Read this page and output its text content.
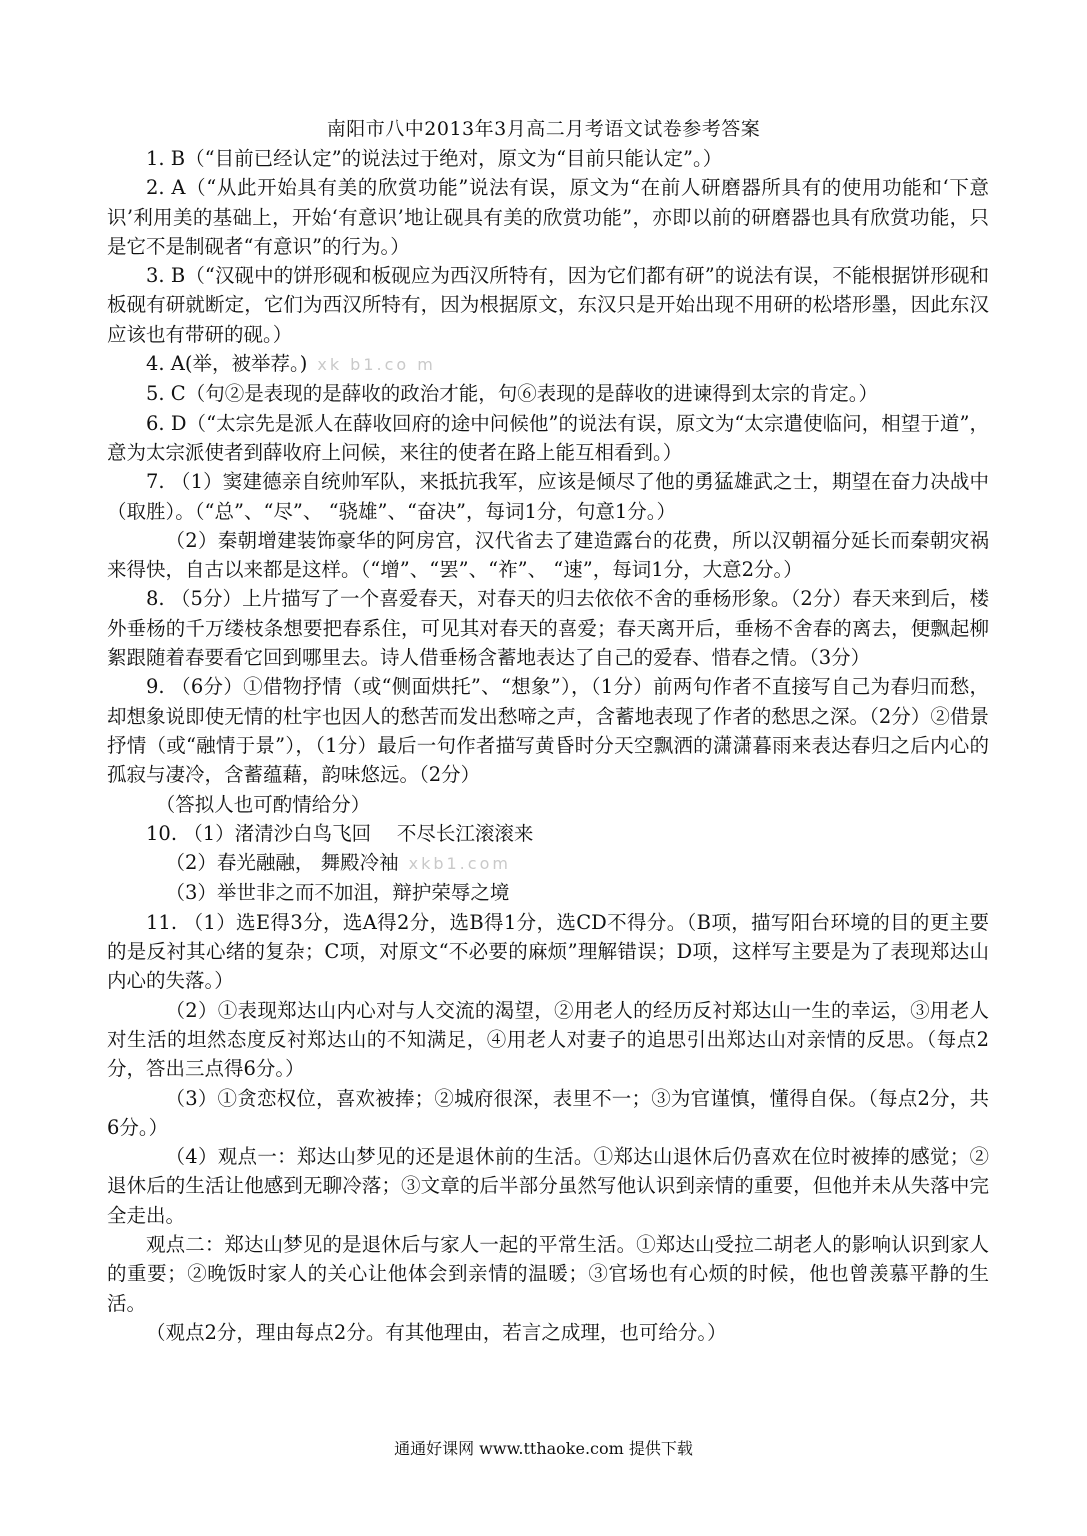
南阳市八中2013年3月高二月考语文试卷参考答案

1. B（“目前已经认定”的说法过于绝对，原文为“目前只能认定”。）

2. A（“从此开始具有美的欣赏功能”说法有误，原文为“在前人研磨器所具有的使用功能和‘下意识’利用美的基础上，开始‘有意识’地让砚具有美的欣赏功能”，亦即以前的研磨器也具有欣赏功能，只是它不是制砚者“有意识”的行为。）

3. B（“汉砚中的饼形砚和板砚应为西汉所特有，因为它们都有研”的说法有误，不能根据饼形砚和板砚有研就断定，它们为西汉所特有，因为根据原文，东汉只是开始出现不用研的松塔形墨，因此东汉应该也有带研的砚。）

4. A(举，被举荐。) xk b1.co m

5. C（句②是表现的是薛收的政治才能，句⑥表现的是薛收的进谏得到太宗的肯定。）

6. D（“太宗先是派人在薛收回府的途中问候他”的说法有误，原文为“太宗遣使临问，相望于道”，意为太宗派使者到薛收府上问候，来往的使者在路上能互相看到。）

7. （1）窦建德亲自统帅军队，来抵抗我军，应该是倾尽了他的勇猛雄武之士，期望在奋力决战中（取胜）。（“总”、“尽”、 “骁雄”、“奋决”，每词1分，句意1分。）

（2）秦朝增建装饰豪华的阿房宫，汉代省去了建造露台的花费，所以汉朝福分延长而秦朝灾祸来得快，自古以来都是这样。（“增”、“罢”、“祚”、 “速”，每词1分，大意2分。）

8. （5分）上片描写了一个喜爱春天，对春天的归去依依不舍的垂杨形象。（2分）春天来到后，楼外垂杨的千万缕枝条想要把春系住，可见其对春天的喜爱；春天离开后，垂杨不舍春的离去，便飘起柳絮跟随着春要看它回到哪里去。诗人借垂杨含蓄地表达了自己的爱春、惜春之情。（3分）

9. （6分）①借物抒情（或“侧面烘托”、“想象”），（1分）前两句作者不直接写自己为春归而愁，却想象说即使无情的杜宇也因人的愁苦而发出愁啼之声，含蓄地表现了作者的愁思之深。（2分）②借景抒情（或“融情于景”），（1分）最后一句作者描写黄昏时分天空飘洒的潇潇暮雨来表达春归之后内心的孤寂与凄冷，含蓄蕴藉，韵味悠远。（2分）

（答拟人也可酌情给分）

10. （1）渚清沙白鸟飞回　 不尽长江滚滚来

（2）春光融融， 舞殿冷袖 xkb1.com

（3）举世非之而不加沮，辩护荣辱之境

11. （1）选E得3分，选A得2分，选B得1分，选CD不得分。（B项，描写阳台环境的目的更主要的是反衬其心绪的复杂；C项，对原文“不必要的麻烦”理解错误；D项，这样写主要是为了表现郑达山内心的失落。）

（2）①表现郑达山内心对与人交流的渴望，②用老人的经历反衬郑达山一生的幸运，③用老人对生活的坦然态度反衬郑达山的不知满足，④用老人对妻子的追思引出郑达山对亲情的反思。（每点2分，答出三点得6分。）

（3）①贪恋权位，喜欢被捧；②城府很深，表里不一；③为官谨慎，懂得自保。（每点2分，共6分。）

（4）观点一：郑达山梦见的还是退休前的生活。①郑达山退休后仍喜欢在位时被捧的感觉；②退休后的生活让他感到无聊冷落；③文章的后半部分虽然写他认识到亲情的重要，但他并未从失落中完全走出。

观点二：郑达山梦见的是退休后与家人一起的平常生活。①郑达山受拉二胡老人的影响认识到家人的重要；②晚饭时家人的关心让他体会到亲情的温暖；③官场也有心烦的时候，他也曾羡慕平静的生活。

（观点2分，理由每点2分。有其他理由，若言之成理，也可给分。）

通通好课网 www.tthaoke.com 提供下载
